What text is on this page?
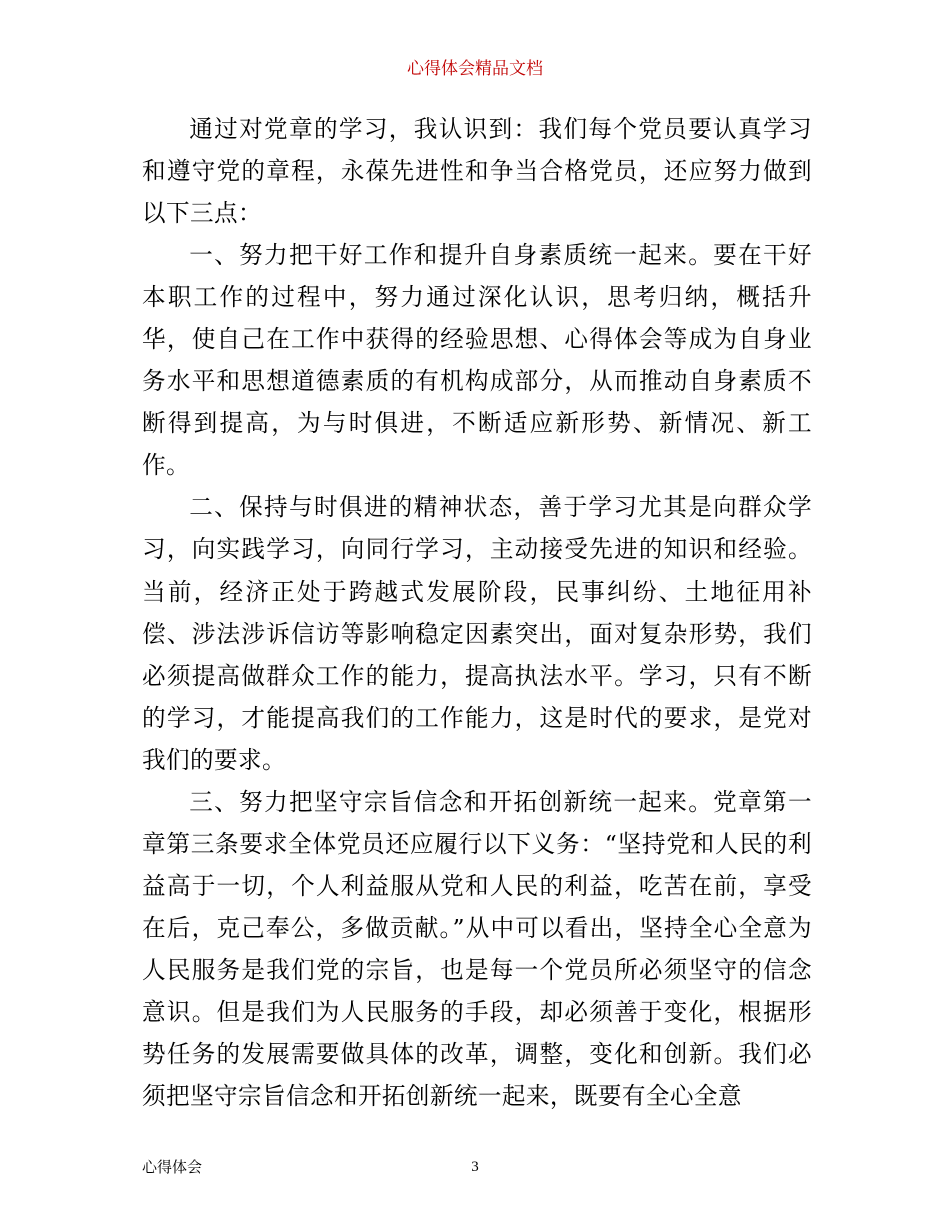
心得体会精品文档

通过对党章的学习，我认识到：我们每个党员要认真学习和遵守党的章程，永葆先进性和争当合格党员，还应努力做到以下三点：

一、努力把干好工作和提升自身素质统一起来。要在干好本职工作的过程中，努力通过深化认识，思考归纳，概括升华，使自己在工作中获得的经验思想、心得体会等成为自身业务水平和思想道德素质的有机构成部分，从而推动自身素质不断得到提高，为与时俱进，不断适应新形势、新情况、新工作。

二、保持与时俱进的精神状态，善于学习尤其是向群众学习，向实践学习，向同行学习，主动接受先进的知识和经验。当前，经济正处于跨越式发展阶段，民事纠纷、土地征用补偿、涉法涉诉信访等影响稳定因素突出，面对复杂形势，我们必须提高做群众工作的能力，提高执法水平。学习，只有不断的学习，才能提高我们的工作能力，这是时代的要求，是党对我们的要求。

三、努力把坚守宗旨信念和开拓创新统一起来。党章第一章第三条要求全体党员还应履行以下义务：“坚持党和人民的利益高于一切，个人利益服从党和人民的利益，吃苦在前，享受在后，克己奉公，多做贡献。”从中可以看出，坚持全心全意为人民服务是我们党的宗旨，也是每一个党员所必须坚守的信念意识。但是我们为人民服务的手段，却必须善于变化，根据形势任务的发展需要做具体的改革，调整，变化和创新。我们必须把坚守宗旨信念和开拓创新统一起来，既要有全心全意

心得体会	3
